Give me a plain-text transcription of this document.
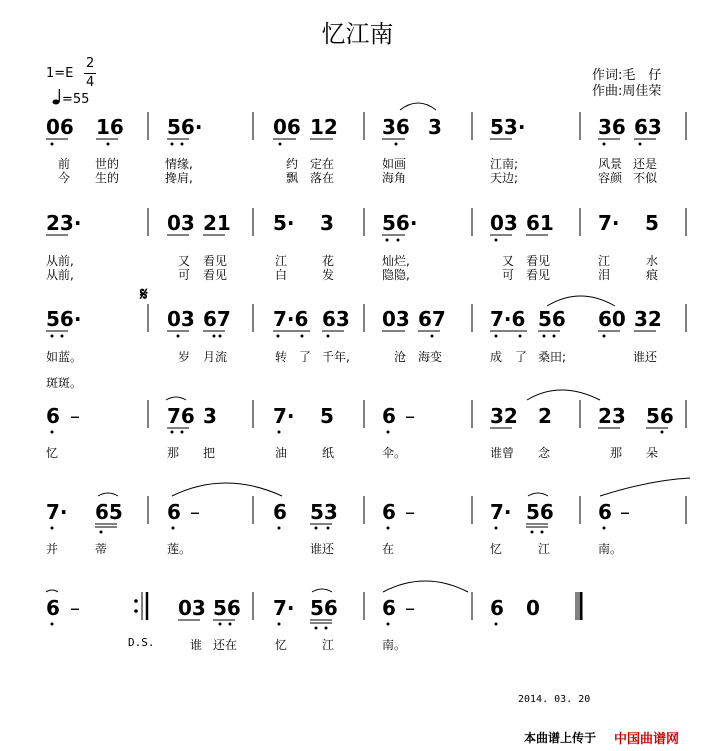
忆江南
1=E
2
4
=55
作词:毛　仔
作曲:周佳荣
06 16 56·	06 12 36 3 53·	36 63
前 世的	情缘,	约 定在	如画	江南;	风景 还是
今 生的	搀肩,	飘 落在	海角	天边;	容颜 不似
23·	03 21 5· 3 56·	03 61 7· 5
从前,	又 看见	江	花	灿烂,	又 看见	江	水
从前,	可 看见	白	发	隐隐,	可 看见	泪	痕
𝄋
56·	03 67 7·6 63 03 67 7·6 56 60 32
如蓝。	岁 月流	转 了 千年,	沧 海变	成 了 桑田;	谁还
斑斑。
6 –	76 3	7· 5 6 –	32 2 23 56
忆	那 把	油	纸	伞。	谁曾 念	那 朵
7· 65 6 –	6 53 6 –	7· 56 6 –
并	蒂	莲。	谁还	在	忆	江	南。
6 –	03 56 7· 56 6 –	6 0
D.S.	谁 还在	忆	江	南。
2014. 03. 20
本曲谱上传于 中国曲谱网
